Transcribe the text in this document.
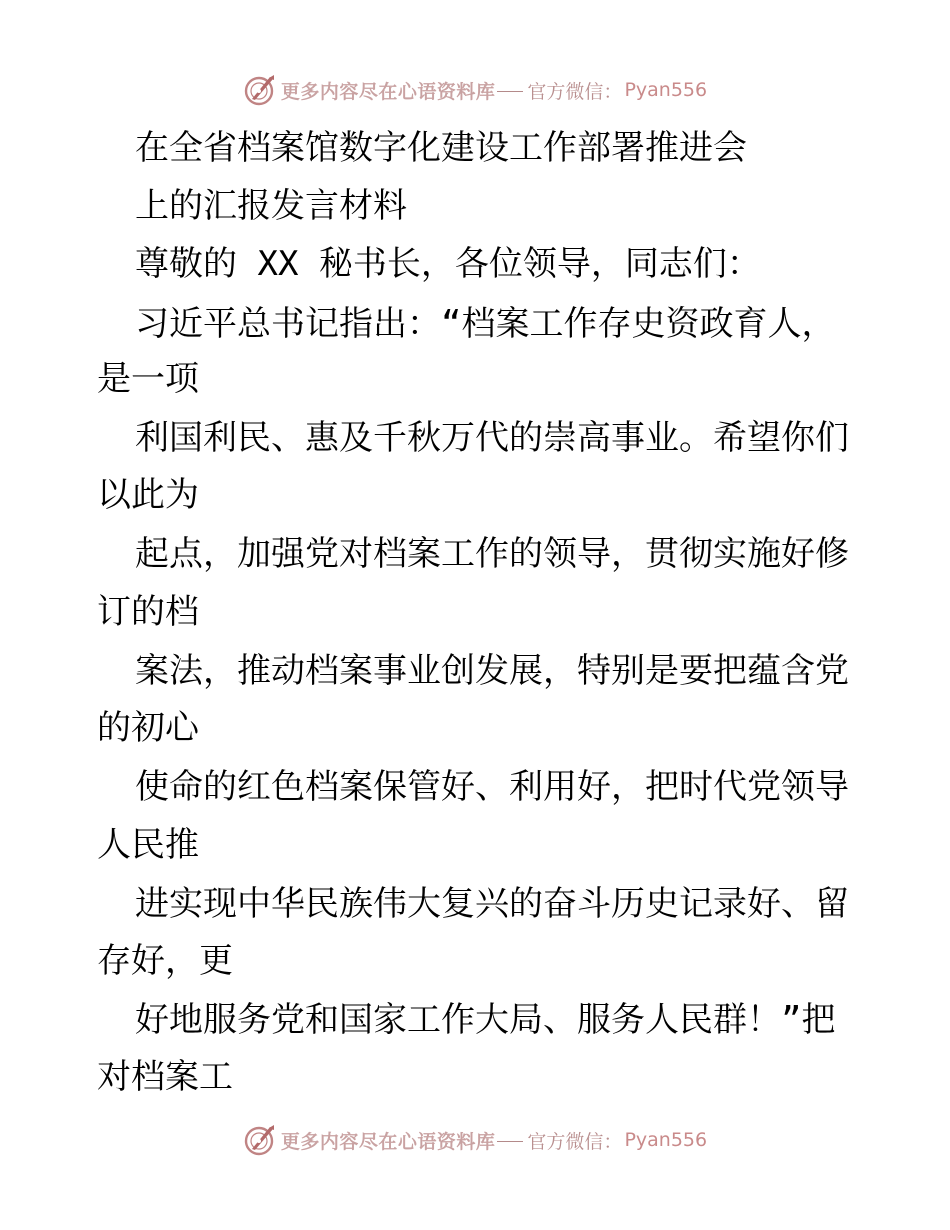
更多内容尽在心语资料库 官方微信： Pyan556
在全省档案馆数字化建设工作部署推进会
上的汇报发言材料
尊敬的 XX 秘书长，各位领导，同志们：
习近平总书记指出：“档案工作存史资政育人，
是一项
利国利民、惠及千秋万代的崇高事业。希望你们
以此为
起点，加强党对档案工作的领导，贯彻实施好修
订的档
案法，推动档案事业创发展，特别是要把蕴含党
的初心
使命的红色档案保管好、利用好，把时代党领导
人民推
进实现中华民族伟大复兴的奋斗历史记录好、留
存好，更
好地服务党和国家工作大局、服务人民群！”把
对档案工
更多内容尽在心语资料库 官方微信： Pyan556
